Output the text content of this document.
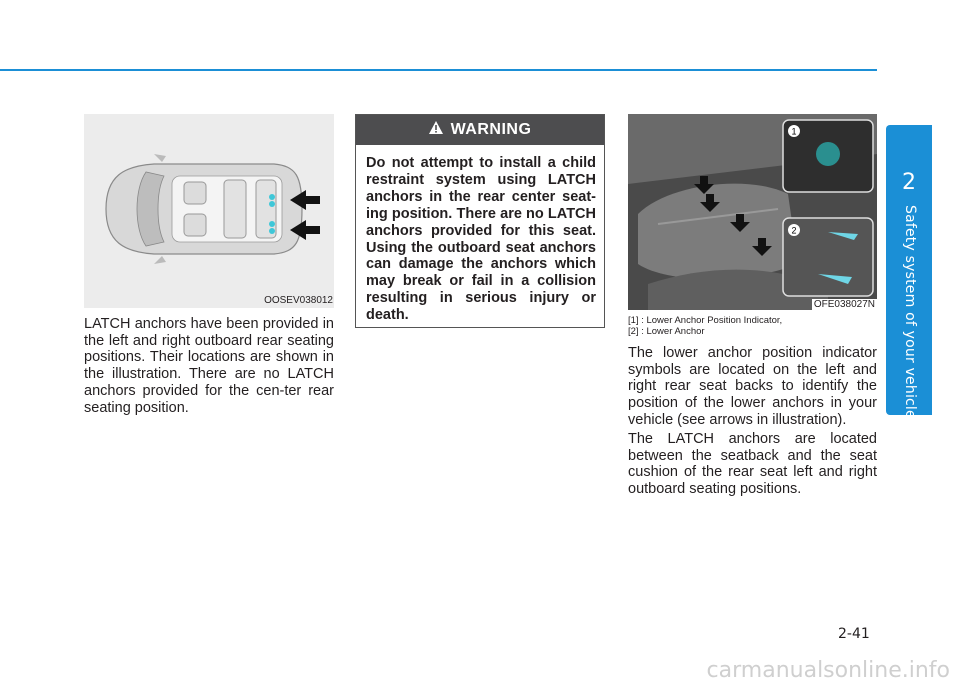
2
Safety system of your vehicle
OOSEV038012

LATCH anchors have been provided in the left and right outboard rear seating positions. Their locations are shown in the illustration. There are no LATCH anchors provided for the cen-ter rear seating position.

WARNING
Do not attempt to install a child restraint system using LATCH anchors in the rear center seat-ing position. There are no LATCH anchors provided for this seat. Using the outboard seat anchors can damage the anchors which may break or fail in a collision resulting in serious injury or death.
1
2
OFE038027N
[1] : Lower Anchor Position Indicator,
[2] : Lower Anchor

The lower anchor position indicator symbols are located on the left and right rear seat backs to identify the position of the lower anchors in your vehicle (see arrows in illustration).

The LATCH anchors are located between the seatback and the seat cushion of the rear seat left and right outboard seating positions.

2-41
carmanualsonline.info
